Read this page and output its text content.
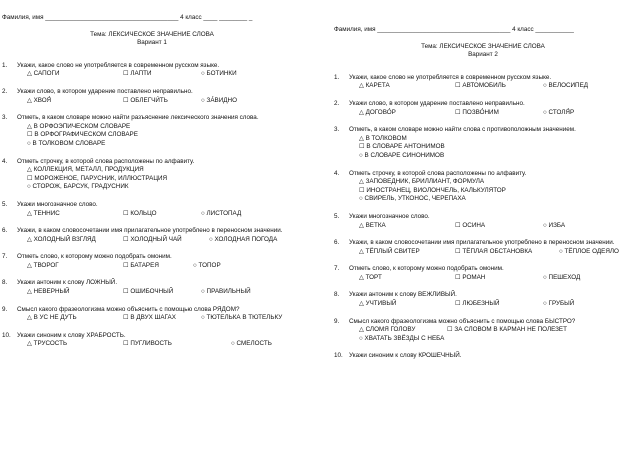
Фамилия, имя ______________________________________ 4 класс ____ ________ _
Тема: ЛЕКСИЧЕСКОЕ ЗНАЧЕНИЕ СЛОВА
Вариант 1
1. Укажи, какое слово не употребляется в современном русском языке.
△ САПОГИ	☐ ЛАПТИ	○ БОТИНКИ
2. Укажи слово, в котором ударение поставлено неправильно.
△ ХВОЯ́	☐ ОБЛЕГЧИ́ТЬ	○ ЗА́ВИДНО
3. Отметь, в каком словаре можно найти разъяснение лексического значения слова.
△ В ОРФОЭПИЧЕСКОМ СЛОВАРЕ
☐ В ОРФОГРАФИЧЕСКОМ СЛОВАРЕ
○ В ТОЛКОВОМ СЛОВАРЕ
4. Отметь строчку, в которой слова расположены по алфавиту.
△ КОЛЛЕКЦИЯ, МЕТАЛЛ, ПРОДУКЦИЯ
☐ МОРОЖЕНОЕ, ПАРУСНИК, ИЛЛЮСТРАЦИЯ
○ СТОРОЖ, БАРСУК, ГРАДУСНИК
5. Укажи многозначное слово.
△ ТЕННИС	☐ КОЛЬЦО	○ ЛИСТОПАД
6. Укажи, в каком словосочетании имя прилагательное употреблено в переносном значении.
△ ХОЛОДНЫЙ ВЗГЛЯД	☐ ХОЛОДНЫЙ ЧАЙ	○ ХОЛОДНАЯ ПОГОДА
7. Отметь слово, к которому можно подобрать омоним.
△ ТВОРОГ	☐ БАТАРЕЯ	○ ТОПОР
8. Укажи антоним к слову ЛОЖНЫЙ.
△ НЕВЕРНЫЙ	☐ ОШИБОЧНЫЙ	○ ПРАВИЛЬНЫЙ
9. Смысл какого фразеологизма можно объяснить с помощью слова РЯДОМ?
△ В УС НЕ ДУТЬ	☐ В ДВУХ ШАГАХ	○ ТЮТЕЛЬКА В ТЮТЕЛЬКУ
10. Укажи синоним к слову ХРАБРОСТЬ.
△ ТРУСОСТЬ	☐ ПУГЛИВОСТЬ	○ СМЕЛОСТЬ
Фамилия, имя ______________________________________ 4 класс ___________
Тема: ЛЕКСИЧЕСКОЕ ЗНАЧЕНИЕ СЛОВА
Вариант 2
1. Укажи, какое слово не употребляется в современном русском языке.
△ КАРЕТА	☐ АВТОМОБИЛЬ	○ ВЕЛОСИПЕД
2. Укажи слово, в котором ударение поставлено неправильно.
△ ДОГОВО́Р	☐ ПОЗВО́НИМ	○ СТОЛЯ́Р
3. Отметь, в каком словаре можно найти слова с противоположным значением.
△ В ТОЛКОВОМ
☐ В СЛОВАРЕ АНТОНИМОВ
○ В СЛОВАРЕ СИНОНИМОВ
4. Отметь строчку, в которой слова расположены по алфавиту.
△ ЗАПОВЕДНИК, БРИЛЛИАНТ, ФОРМУЛА
☐ ИНОСТРАНЕЦ, ВИОЛОНЧЕЛЬ, КАЛЬКУЛЯТОР
○ СВИРЕЛЬ, УТКОНОС, ЧЕРЕПАХА
5. Укажи многозначное слово.
△ ВЕТКА	☐ ОСИНА	○ ИЗБА
6. Укажи, в каком словосочетании имя прилагательное употреблено в переносном значении.
△ ТЁПЛЫЙ СВИТЕР	☐ ТЁПЛАЯ ОБСТАНОВКА	○ ТЁПЛОЕ ОДЕЯЛО
7. Отметь слово, к которому можно подобрать омоним.
△ ТОРТ	☐ РОМАН	○ ПЕШЕХОД
8. Укажи антоним к слову ВЕЖЛИВЫЙ.
△ УЧТИВЫЙ	☐ ЛЮБЕЗНЫЙ	○ ГРУБЫЙ
9. Смысл какого фразеологизма можно объяснить с помощью слова БЫСТРО?
△ СЛОМЯ ГОЛОВУ	☐ ЗА СЛОВОМ В КАРМАН НЕ ПОЛЕЗЕТ
○ ХВАТАТЬ ЗВЁЗДЫ С НЕБА
10. Укажи синоним к слову КРОШЕЧНЫЙ.
